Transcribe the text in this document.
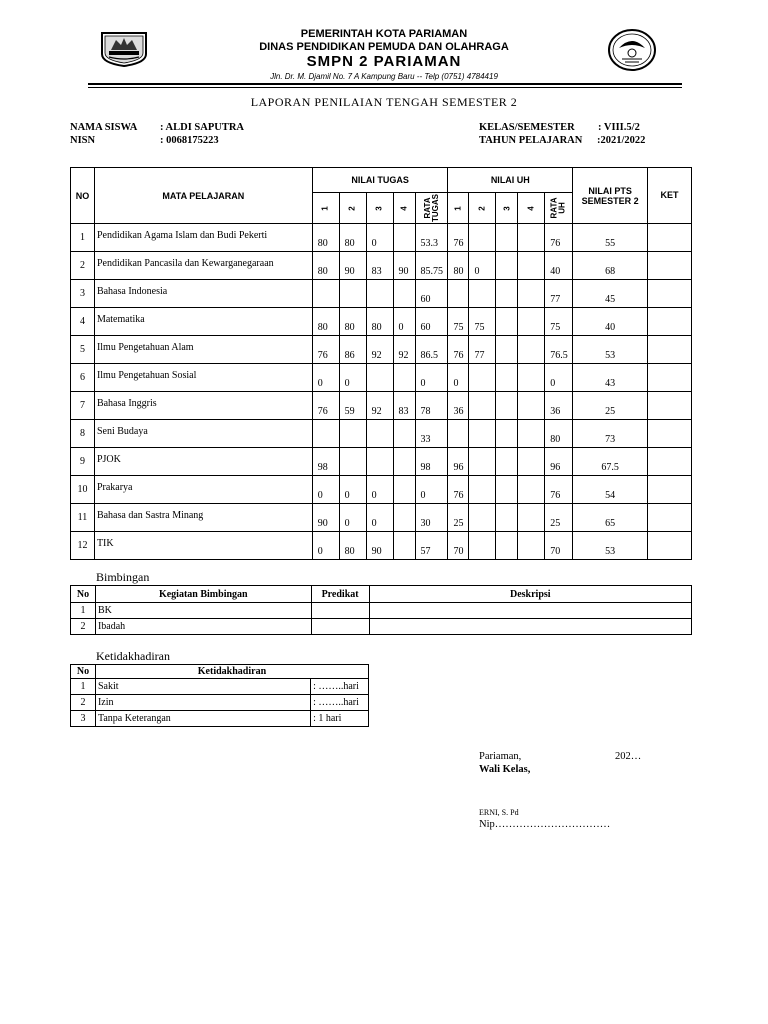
PEMERINTAH KOTA PARIAMAN
DINAS PENDIDIKAN PEMUDA DAN OLAHRAGA
SMPN 2 PARIAMAN
Jln. Dr. M. Djamil No. 7 A Kampung Baru -- Telp (0751) 4784419
LAPORAN PENILAIAN TENGAH SEMESTER 2
NAMA SISWA : ALDI SAPUTRA
NISN	: 0068175223
KELAS/SEMESTER : VIII.5/2
TAHUN PELAJARAN :2021/2022
NO	MATA PELAJARAN	NILAI TUGAS					NILAI UH					NILAI PTS
SEMESTER 2	KET
		1	2	3	4	RATA
TUGAS	1	2	3	4	RATA
UH		
1	Pendidikan Agama Islam dan Budi Pekerti	80	80	0		53.3	76				76	55	
2	Pendidikan Pancasila dan Kewarganegaraan	80	90	83	90	85.75	80	0			40	68	
3	Bahasa Indonesia					60					77	45	
4	Matematika	80	80	80	0	60	75	75			75	40	
5	Ilmu Pengetahuan Alam	76	86	92	92	86.5	76	77			76.5	53	
6	Ilmu Pengetahuan Sosial	0	0			0	0				0	43	
7	Bahasa Inggris	76	59	92	83	78	36				36	25	
8	Seni Budaya					33					80	73	
9	PJOK	98				98	96				96	67.5	
10	Prakarya	0	0	0		0	76				76	54	
11	Bahasa dan Sastra Minang	90	0	0		30	25				25	65	
12	TIK	0	80	90		57	70				70	53	
Bimbingan
No	Kegiatan Bimbingan	Predikat	Deskripsi
1	BK		
2	Ibadah		
Ketidakhadiran
No	Ketidakhadiran	
1	Sakit	: ……..hari
2	Izin	: ……..hari
3	Tanpa Keterangan	: 1 hari
Pariaman,	202…
Wali Kelas,
ERNI, S. Pd
Nip……………………………
